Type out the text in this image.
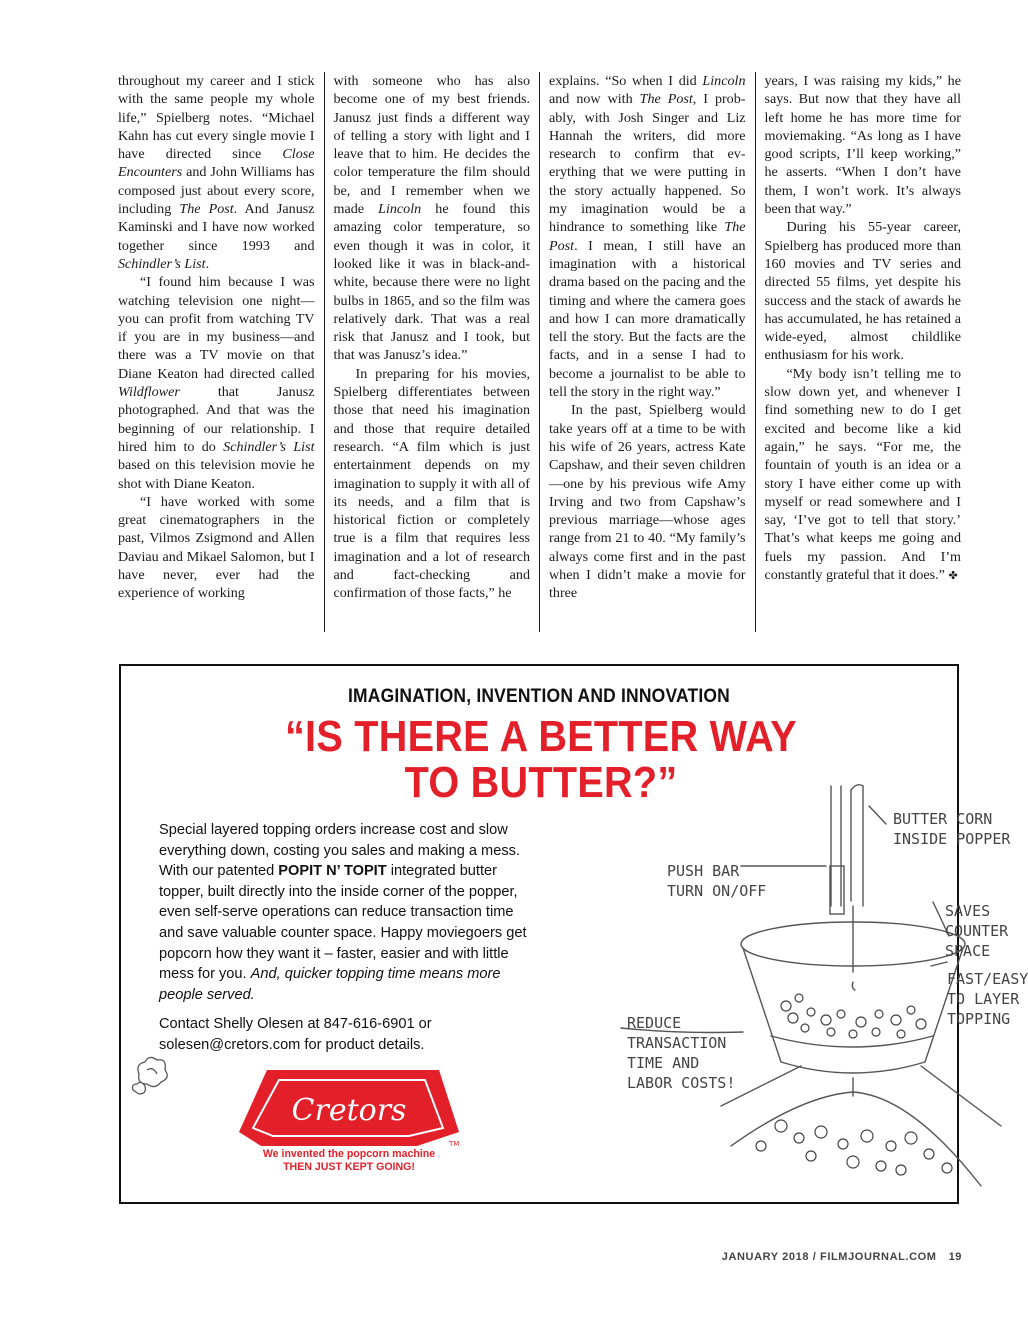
throughout my career and I stick with the same people my whole life,” Spielberg notes. “Michael Kahn has cut every single movie I have directed since Close Encounters and John Williams has composed just about every score, including The Post. And Janusz Kaminski and I have now worked together since 1993 and Schindler’s List.

“I found him because I was watching television one night—you can profit from watching TV if you are in my business—and there was a TV movie on that Diane Keaton had directed called Wildflower that Janusz photographed. And that was the beginning of our relationship. I hired him to do Schindler’s List based on this television movie he shot with Diane Keaton.

“I have worked with some great cinematographers in the past, Vilmos Zsigmond and Allen Daviau and Mikael Salomon, but I have never, ever had the experience of working

with someone who has also become one of my best friends. Janusz just finds a different way of telling a story with light and I leave that to him. He decides the color temperature the film should be, and I remember when we made Lincoln he found this amazing color temperature, so even though it was in color, it looked like it was in black-and-white, because there were no light bulbs in 1865, and so the film was relatively dark. That was a real risk that Janusz and I took, but that was Janusz’s idea.”

In preparing for his movies, Spielberg differentiates between those that need his imagination and those that require detailed research. “A film which is just entertainment depends on my imagination to supply it with all of its needs, and a film that is historical fiction or completely true is a film that requires less imagination and a lot of research and fact-checking and confirmation of those facts,” he

explains. “So when I did Lincoln and now with The Post, I probably, with Josh Singer and Liz Hannah the writers, did more research to confirm that everything that we were putting in the story actually happened. So my imagination would be a hindrance to something like The Post. I mean, I still have an imagination with a historical drama based on the pacing and the timing and where the camera goes and how I can more dramatically tell the story. But the facts are the facts, and in a sense I had to become a journalist to be able to tell the story in the right way.”

In the past, Spielberg would take years off at a time to be with his wife of 26 years, actress Kate Capshaw, and their seven children—one by his previous wife Amy Irving and two from Capshaw’s previous marriage—whose ages range from 21 to 40. “My family’s always come first and in the past when I didn’t make a movie for three

years, I was raising my kids,” he says. But now that they have all left home he has more time for moviemaking. “As long as I have good scripts, I’ll keep working,” he asserts. “When I don’t have them, I won’t work. It’s always been that way.”

During his 55-year career, Spielberg has produced more than 160 movies and TV series and directed 55 films, yet despite his success and the stack of awards he has accumulated, he has retained a wide-eyed, almost childlike enthusiasm for his work.

“My body isn’t telling me to slow down yet, and whenever I find something new to do I get excited and become like a kid again,” he says. “For me, the fountain of youth is an idea or a story I have either come up with myself or read somewhere and I say, ‘I’ve got to tell that story.’ That’s what keeps me going and fuels my passion. And I’m constantly grateful that it does.” ✤

IMAGINATION, INVENTION AND INNOVATION
“IS THERE A BETTER WAY
TO BUTTER?”
BUTTER CORN
INSIDE POPPER
PUSH BAR
TURN ON/OFF
SAVES
COUNTER
SPACE
FAST/EASY
TO LAYER
TOPPING
REDUCE
TRANSACTION
TIME AND
LABOR COSTS!
Special layered topping orders increase cost and slow everything down, costing you sales and making a mess. With our patented POPIT N’ TOPIT integrated butter topper, built directly into the inside corner of the popper, even self-serve operations can reduce transaction time and save valuable counter space. Happy moviegoers get popcorn how they want it – faster, easier and with little mess for you. And, quicker topping time means more people served.
Contact Shelly Olesen at 847-616-6901 or solesen@cretors.com for product details.
Cretors
TM
We invented the popcorn machine
THEN JUST KEPT GOING!
JANUARY 2018 / FILMJOURNAL.COM 19
